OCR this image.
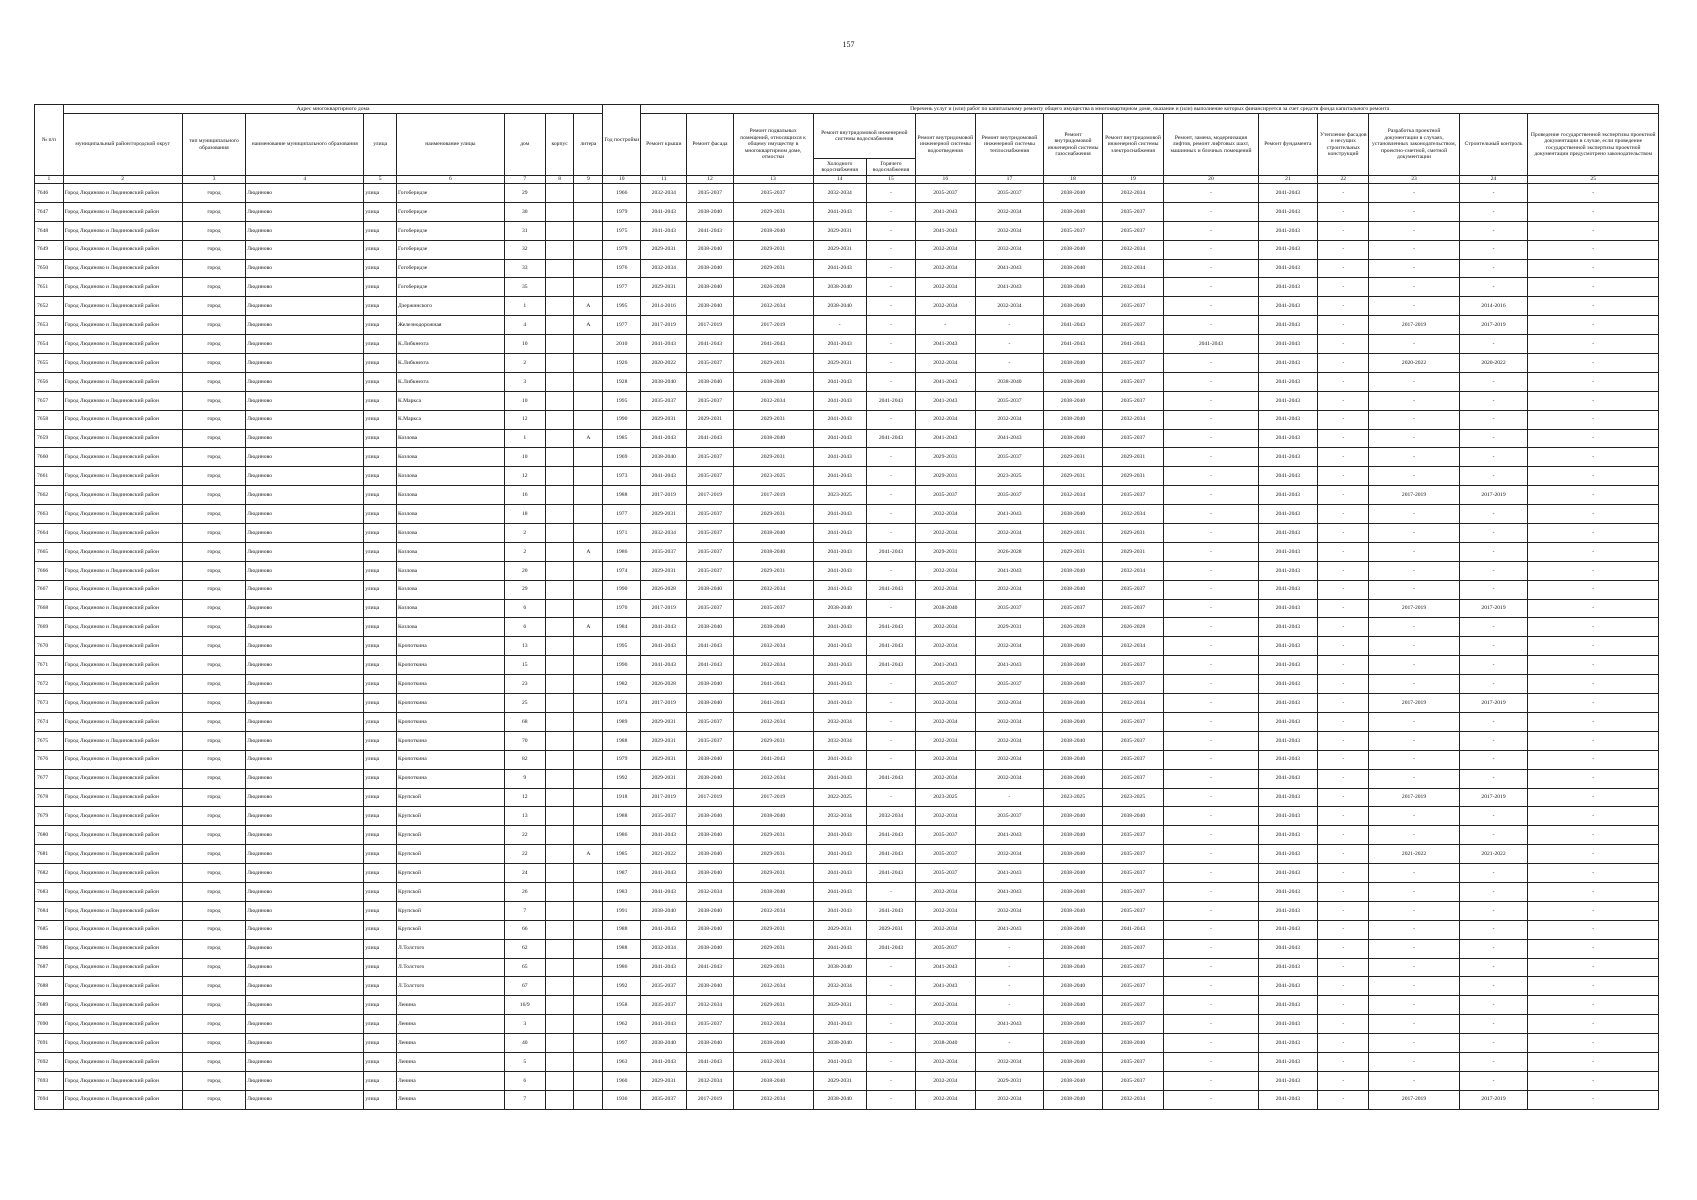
157
№ п/п	Адрес многоквартирного дома								Год постройки	Перечень услуг и (или) работ по капитальному ремонту общего имущества в многоквартирном доме, оказание и (или) выполнение которых финансируется за счет средств фонда капитального ремонта														
	муниципальный район/городской округ	тип муниципального образования	наименование муниципального образования	улица	наименование улицы	дом	корпус	литера		Ремонт крыши	Ремонт фасада	Ремонт подвальных помещений, относящихся к общему имуществу в многоквартирном доме, отмостки	Ремонт внутридомовой инженерной системы водоснабжения		Ремонт внутридомовой инженерной системы водоотведения	Ремонт внутридомовой инженерной системы теплоснабжения	Ремонт внутридомовой инженерной системы газоснабжения	Ремонт внутридомовой инженерной системы электроснабжения	Ремонт, замена, модернизация лифтов, ремонт лифтовых шахт, машинных и блочных помещений	Ремонт фундамента	Утепление фасадов и несущих строительных конструкций	Разработка проектной документации в случаях, установленных законодательством, проектно-сметной, сметной документации	Строительный контроль	Проведение государственной экспертизы проектной документации в случае, если проведение государственной экспертизы проектной документации предусмотрено законодательством
													Холодного водоснабжения	Горячего водоснабжения										
1	2	3	4	5	6	7	8	9	10	11	12	13	14	15	16	17	18	19	20	21	22	23	24	25
7646	Город Людиново и Людиновский район	город	Людиново	улица	Гогоберидзе	29			1966	2032-2034	2035-2037	2035-2037	2032-2034	-	2035-2037	2035-2037	2038-2040	2032-2034	-	2041-2043	-	-	-	-
7647	Город Людиново и Людиновский район	город	Людиново	улица	Гогоберидзе	30			1979	2041-2043	2038-2040	2029-2031	2041-2043	-	2041-2043	2032-2034	2038-2040	2035-2037	-	2041-2043	-	-	-	-
7648	Город Людиново и Людиновский район	город	Людиново	улица	Гогоберидзе	31			1975	2041-2043	2041-2043	2038-2040	2029-2031	-	2041-2043	2032-2034	2035-2037	2035-2037	-	2041-2043	-	-	-	-
7649	Город Людиново и Людиновский район	город	Людиново	улица	Гогоберидзе	32			1979	2029-2031	2038-2040	2029-2031	2029-2031	-	2032-2034	2032-2034	2038-2040	2032-2034	-	2041-2043	-	-	-	-
7650	Город Людиново и Людиновский район	город	Людиново	улица	Гогоберидзе	33			1976	2032-2034	2038-2040	2029-2031	2041-2043	-	2032-2034	2041-2043	2038-2040	2032-2034	-	2041-2043	-	-	-	-
7651	Город Людиново и Людиновский район	город	Людиново	улица	Гогоберидзе	35			1977	2029-2031	2038-2040	2026-2028	2038-2040	-	2032-2034	2041-2043	2038-2040	2032-2034	-	2041-2043	-	-	-	-
7652	Город Людиново и Людиновский район	город	Людиново	улица	Дзержинского	1		А	1995	2014-2016	2038-2040	2032-2034	2038-2040	-	2032-2034	2032-2034	2038-2040	2035-2037	-	2041-2043	-	-	2014-2016	-
7653	Город Людиново и Людиновский район	город	Людиново	улица	Железнодорожная	4		А	1977	2017-2019	2017-2019	2017-2019	-	-	-	-	2041-2043	2035-2037	-	2041-2043	-	2017-2019	2017-2019	-
7654	Город Людиново и Людиновский район	город	Людиново	улица	К.Либкнехта	10			2010	2041-2043	2041-2043	2041-2043	2041-2043	-	2041-2043	-	2041-2043	2041-2043	2041-2043	2041-2043	-	-	-	-
7655	Город Людиново и Людиновский район	город	Людиново	улица	К.Либкнехта	2			1926	2020-2022	2035-2037	2029-2031	2029-2031	-	2032-2034	-	2038-2040	2035-2037	-	2041-2043	-	2020-2022	2020-2022	-
7656	Город Людиново и Людиновский район	город	Людиново	улица	К.Либкнехта	3			1928	2038-2040	2038-2040	2038-2040	2041-2043	-	2041-2043	2038-2040	2038-2040	2035-2037	-	2041-2043	-	-	-	-
7657	Город Людиново и Людиновский район	город	Людиново	улица	К.Маркса	10			1995	2035-2037	2035-2037	2032-2034	2041-2043	2041-2043	2041-2043	2035-2037	2038-2040	2035-2037	-	2041-2043	-	-	-	-
7658	Город Людиново и Людиновский район	город	Людиново	улица	К.Маркса	12			1990	2029-2031	2029-2031	2029-2031	2041-2043	-	2032-2034	2032-2034	2038-2040	2032-2034	-	2041-2043	-	-	-	-
7659	Город Людиново и Людиновский район	город	Людиново	улица	Козлова	1		А	1985	2041-2043	2041-2043	2038-2040	2041-2043	2041-2043	2041-2043	2041-2043	2038-2040	2035-2037	-	2041-2043	-	-	-	-
7660	Город Людиново и Людиновский район	город	Людиново	улица	Козлова	10			1969	2038-2040	2035-2037	2029-2031	2041-2043	-	2029-2031	2035-2037	2029-2031	2029-2031	-	2041-2043	-	-	-	-
7661	Город Людиново и Людиновский район	город	Людиново	улица	Козлова	12			1973	2041-2043	2035-2037	2023-2025	2041-2043	-	2029-2031	2023-2025	2029-2031	2029-2031	-	2041-2043	-	-	-	-
7662	Город Людиново и Людиновский район	город	Людиново	улица	Козлова	16			1988	2017-2019	2017-2019	2017-2019	2023-2025	-	2035-2037	2035-2037	2032-2034	2035-2037	-	2041-2043	-	2017-2019	2017-2019	-
7663	Город Людиново и Людиновский район	город	Людиново	улица	Козлова	18			1977	2029-2031	2035-2037	2029-2031	2041-2043	-	2032-2034	2041-2043	2038-2040	2032-2034	-	2041-2043	-	-	-	-
7664	Город Людиново и Людиновский район	город	Людиново	улица	Козлова	2			1971	2032-2034	2035-2037	2038-2040	2041-2043	-	2032-2034	2032-2034	2029-2031	2029-2031	-	2041-2043	-	-	-	-
7665	Город Людиново и Людиновский район	город	Людиново	улица	Козлова	2		А	1986	2035-2037	2035-2037	2038-2040	2041-2043	2041-2043	2029-2031	2026-2028	2029-2031	2029-2031	-	2041-2043	-	-	-	-
7666	Город Людиново и Людиновский район	город	Людиново	улица	Козлова	20			1974	2029-2031	2035-2037	2029-2031	2041-2043	-	2032-2034	2041-2043	2038-2040	2032-2034	-	2041-2043	-	-	-	-
7667	Город Людиново и Людиновский район	город	Людиново	улица	Козлова	29			1990	2026-2028	2038-2040	2032-2034	2041-2043	2041-2043	2032-2034	2032-2034	2038-2040	2035-2037	-	2041-2043	-	-	-	-
7668	Город Людиново и Людиновский район	город	Людиново	улица	Козлова	6			1970	2017-2019	2035-2037	2035-2037	2038-2040	-	2038-2040	2035-2037	2035-2037	2035-2037	-	2041-2043	-	2017-2019	2017-2019	-
7669	Город Людиново и Людиновский район	город	Людиново	улица	Козлова	6		А	1984	2041-2043	2038-2040	2038-2040	2041-2043	2041-2043	2032-2034	2029-2031	2026-2028	2026-2028	-	2041-2043	-	-	-	-
7670	Город Людиново и Людиновский район	город	Людиново	улица	Кропоткина	13			1995	2041-2043	2041-2043	2032-2034	2041-2043	2041-2043	2032-2034	2032-2034	2038-2040	2032-2034	-	2041-2043	-	-	-	-
7671	Город Людиново и Людиновский район	город	Людиново	улица	Кропоткина	15			1990	2041-2043	2041-2043	2032-2034	2041-2043	2041-2043	2041-2043	2041-2043	2038-2040	2035-2037	-	2041-2043	-	-	-	-
7672	Город Людиново и Людиновский район	город	Людиново	улица	Кропоткина	23			1982	2026-2028	2038-2040	2041-2043	2041-2043	-	2035-2037	2035-2037	2038-2040	2035-2037	-	2041-2043	-	-	-	-
7673	Город Людиново и Людиновский район	город	Людиново	улица	Кропоткина	25			1974	2017-2019	2038-2040	2041-2043	2041-2043	-	2032-2034	2032-2034	2038-2040	2032-2034	-	2041-2043	-	2017-2019	2017-2019	-
7674	Город Людиново и Людиновский район	город	Людиново	улица	Кропоткина	68			1989	2029-2031	2035-2037	2032-2034	2032-2034	-	2032-2034	2032-2034	2038-2040	2035-2037	-	2041-2043	-	-	-	-
7675	Город Людиново и Людиновский район	город	Людиново	улица	Кропоткина	70			1988	2029-2031	2035-2037	2029-2031	2032-2034	-	2032-2034	2032-2034	2038-2040	2035-2037	-	2041-2043	-	-	-	-
7676	Город Людиново и Людиновский район	город	Людиново	улица	Кропоткина	82			1979	2029-2031	2038-2040	2041-2043	2041-2043	-	2032-2034	2032-2034	2038-2040	2035-2037	-	2041-2043	-	-	-	-
7677	Город Людиново и Людиновский район	город	Людиново	улица	Кропоткина	9			1992	2029-2031	2038-2040	2032-2034	2041-2043	2041-2043	2032-2034	2032-2034	2038-2040	2035-2037	-	2041-2043	-	-	-	-
7678	Город Людиново и Людиновский район	город	Людиново	улица	Крупской	12			1918	2017-2019	2017-2019	2017-2019	2022-2025	-	2023-2025	-	2023-2025	2023-2025	-	2041-2043	-	2017-2019	2017-2019	-
7679	Город Людиново и Людиновский район	город	Людиново	улица	Крупской	13			1988	2035-2037	2038-2040	2038-2040	2032-2034	2032-2034	2032-2034	2035-2037	2038-2040	2038-2040	-	2041-2043	-	-	-	-
7680	Город Людиново и Людиновский район	город	Людиново	улица	Крупской	22			1986	2041-2043	2038-2040	2029-2031	2041-2043	2041-2043	2035-2037	2041-2043	2038-2040	2035-2037	-	2041-2043	-	-	-	-
7681	Город Людиново и Людиновский район	город	Людиново	улица	Крупской	22		А	1985	2021-2022	2038-2040	2029-2031	2041-2043	2041-2043	2035-2037	2032-2034	2038-2040	2035-2037	-	2041-2043	-	2021-2022	2021-2022	-
7682	Город Людиново и Людиновский район	город	Людиново	улица	Крупской	24			1987	2041-2043	2038-2040	2029-2031	2041-2043	2041-2043	2035-2037	2041-2043	2038-2040	2035-2037	-	2041-2043	-	-	-	-
7683	Город Людиново и Людиновский район	город	Людиново	улица	Крупской	26			1983	2041-2043	2032-2034	2038-2040	2041-2043	-	2032-2034	2041-2043	2038-2040	2035-2037	-	2041-2043	-	-	-	-
7684	Город Людиново и Людиновский район	город	Людиново	улица	Крупской	7			1991	2038-2040	2038-2040	2032-2034	2041-2043	2041-2043	2032-2034	2032-2034	2038-2040	2035-2037	-	2041-2043	-	-	-	-
7685	Город Людиново и Людиновский район	город	Людиново	улица	Крупской	66			1988	2041-2043	2038-2040	2029-2031	2029-2031	2029-2031	2032-2034	2041-2043	2038-2040	2041-2043	-	2041-2043	-	-	-	-
7686	Город Людиново и Людиновский район	город	Людиново	улица	Л.Толстого	62			1988	2032-2034	2038-2040	2029-2031	2041-2043	2041-2043	2035-2037	-	2038-2040	2035-2037	-	2041-2043	-	-	-	-
7687	Город Людиново и Людиновский район	город	Людиново	улица	Л.Толстого	65			1986	2041-2043	2041-2043	2029-2031	2038-2040	-	2041-2043	-	2038-2040	2035-2037	-	2041-2043	-	-	-	-
7688	Город Людиново и Людиновский район	город	Людиново	улица	Л.Толстого	67			1992	2035-2037	2038-2040	2032-2034	2032-2034	-	2041-2043	-	2038-2040	2035-2037	-	2041-2043	-	-	-	-
7689	Город Людиново и Людиновский район	город	Людиново	улица	Ленина	16/9			1958	2035-2037	2032-2034	2029-2031	2029-2031	-	2032-2034	-	2038-2040	2035-2037	-	2041-2043	-	-	-	-
7690	Город Людиново и Людиновский район	город	Людиново	улица	Ленина	3			1962	2041-2043	2035-2037	2032-2034	2041-2043	-	2032-2034	2041-2043	2038-2040	2035-2037	-	2041-2043	-	-	-	-
7691	Город Людиново и Людиновский район	город	Людиново	улица	Ленина	40			1997	2038-2040	2038-2040	2038-2040	2038-2040	-	2038-2040	-	2038-2040	2038-2040	-	2041-2043	-	-	-	-
7692	Город Людиново и Людиновский район	город	Людиново	улица	Ленина	5			1963	2041-2043	2041-2043	2032-2034	2041-2043	-	2032-2034	2032-2034	2038-2040	2035-2037	-	2041-2043	-	-	-	-
7693	Город Людиново и Людиновский район	город	Людиново	улица	Ленина	6			1960	2029-2031	2032-2034	2038-2040	2029-2031	-	2032-2034	2029-2031	2038-2040	2035-2037	-	2041-2043	-	-	-	-
7694	Город Людиново и Людиновский район	город	Людиново	улица	Ленина	7			1936	2035-2037	2017-2019	2032-2034	2038-2040	-	2032-2034	2032-2034	2038-2040	2032-2034	-	2041-2043	-	2017-2019	2017-2019	-
